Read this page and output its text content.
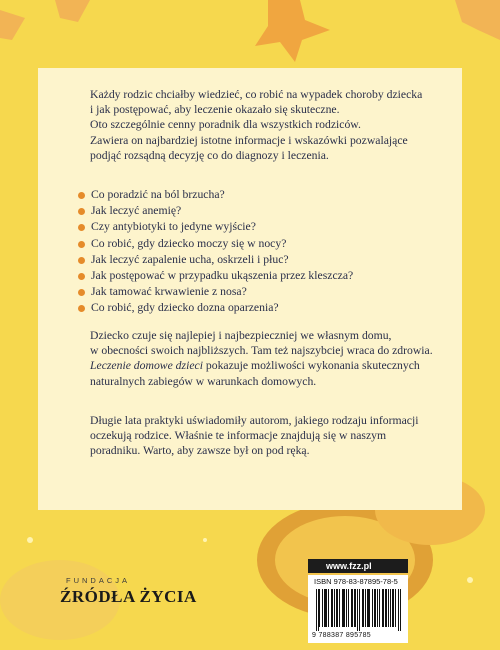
Każdy rodzic chciałby wiedzieć, co robić na wypadek choroby dziecka

i jak postępować, aby leczenie okazało się skuteczne.

Oto szczególnie cenny poradnik dla wszystkich rodziców.

Zawiera on najbardziej istotne informacje i wskazówki pozwalające

podjąć rozsądną decyzję co do diagnozy i leczenia.

Co poradzić na ból brzucha?
Jak leczyć anemię?
Czy antybiotyki to jedyne wyjście?
Co robić, gdy dziecko moczy się w nocy?
Jak leczyć zapalenie ucha, oskrzeli i płuc?
Jak postępować w przypadku ukąszenia przez kleszcza?
Jak tamować krwawienie z nosa?
Co robić, gdy dziecko dozna oparzenia?

Dziecko czuje się najlepiej i najbezpieczniej we własnym domu,

w obecności swoich najbliższych. Tam też najszybciej wraca do zdrowia.

Leczenie domowe dzieci pokazuje możliwości wykonania skutecznych

naturalnych zabiegów w warunkach domowych.

Długie lata praktyki uświadomiły autorom, jakiego rodzaju informacji

oczekują rodzice. Właśnie te informacje znajdują się w naszym

poradniku. Warto, aby zawsze był on pod ręką.

FUNDACJA
ŹRÓDŁA ŻYCIA
www.fzz.pl
ISBN 978-83-87895-78-5
9 788387 895785
